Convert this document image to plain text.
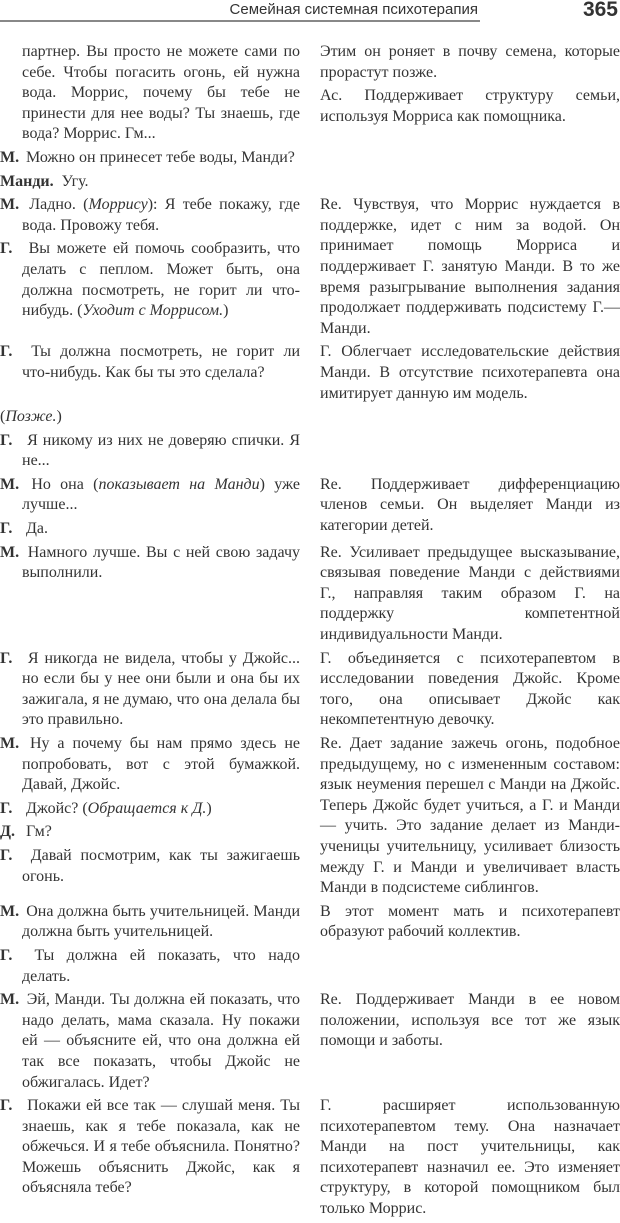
Семейная системная психотерапия	365
партнер. Вы просто не можете сами по себе. Чтобы погасить огонь, ей нужна вода. Моррис, почему бы тебе не принести для нее воды? Ты знаешь, где вода? Моррис. Гм...
Этим он роняет в почву семена, которые прорастут позже.
Ас. Поддерживает структуру семьи, используя Морриса как помощника.
М. Можно он принесет тебе воды, Манди?
Манди. Угу.
М. Ладно. (Моррису): Я тебе покажу, где вода. Провожу тебя.
Г. Вы можете ей помочь сообразить, что делать с пеплом. Может быть, она должна посмотреть, не горит ли что-нибудь. (Уходит с Моррисом.)
Re. Чувствуя, что Моррис нуждается в поддержке, идет с ним за водой. Он принимает помощь Морриса и поддерживает Г. занятую Манди. В то же время разыгрывание выполнения задания продолжает поддерживать подсистему Г.—Манди.
Г. Ты должна посмотреть, не горит ли что-нибудь. Как бы ты это сделала?
Г. Облегчает исследовательские действия Манди. В отсутствие психотерапевта она имитирует данную им модель.
(Позже.)
Г. Я никому из них не доверяю спички. Я не...
М. Но она (показывает на Манди) уже лучше...
Г. Да.
Re. Поддерживает дифференциацию членов семьи. Он выделяет Манди из категории детей.
М. Намного лучше. Вы с ней свою задачу выполнили.
Re. Усиливает предыдущее высказывание, связывая поведение Манди с действиями Г., направляя таким образом Г. на поддержку компетентной индивидуальности Манди.
Г. Я никогда не видела, чтобы у Джойс... но если бы у нее они были и она бы их зажигала, я не думаю, что она делала бы это правильно.
Г. объединяется с психотерапевтом в исследовании поведения Джойс. Кроме того, она описывает Джойс как некомпетентную девочку.
М. Ну а почему бы нам прямо здесь не попробовать, вот с этой бумажкой. Давай, Джойс.
Г. Джойс? (Обращается к Д.)
Д. Гм?
Г. Давай посмотрим, как ты зажигаешь огонь.
Re. Дает задание зажечь огонь, подобное предыдущему, но с измененным составом: язык неумения перешел с Манди на Джойс. Теперь Джойс будет учиться, а Г. и Манди — учить. Это задание делает из Манди-ученицы учительницу, усиливает близость между Г. и Манди и увеличивает власть Манди в подсистеме сиблингов.
М. Она должна быть учительницей. Манди должна быть учительницей.
В этот момент мать и психотерапевт образуют рабочий коллектив.
Г. Ты должна ей показать, что надо делать.
М. Эй, Манди. Ты должна ей показать, что надо делать, мама сказала. Ну покажи ей — объясните ей, что она должна ей так все показать, чтобы Джойс не обжигалась. Идет?
Re. Поддерживает Манди в ее новом положении, используя все тот же язык помощи и заботы.
Г. Покажи ей все так — слушай меня. Ты знаешь, как я тебе показала, как не обжечься. И я тебе объяснила. Понятно? Можешь объяснить Джойс, как я объясняла тебе?
Г. расширяет использованную психотерапевтом тему. Она назначает Манди на пост учительницы, как психотерапевт назначил ее. Это изменяет структуру, в которой помощником был только Моррис.
